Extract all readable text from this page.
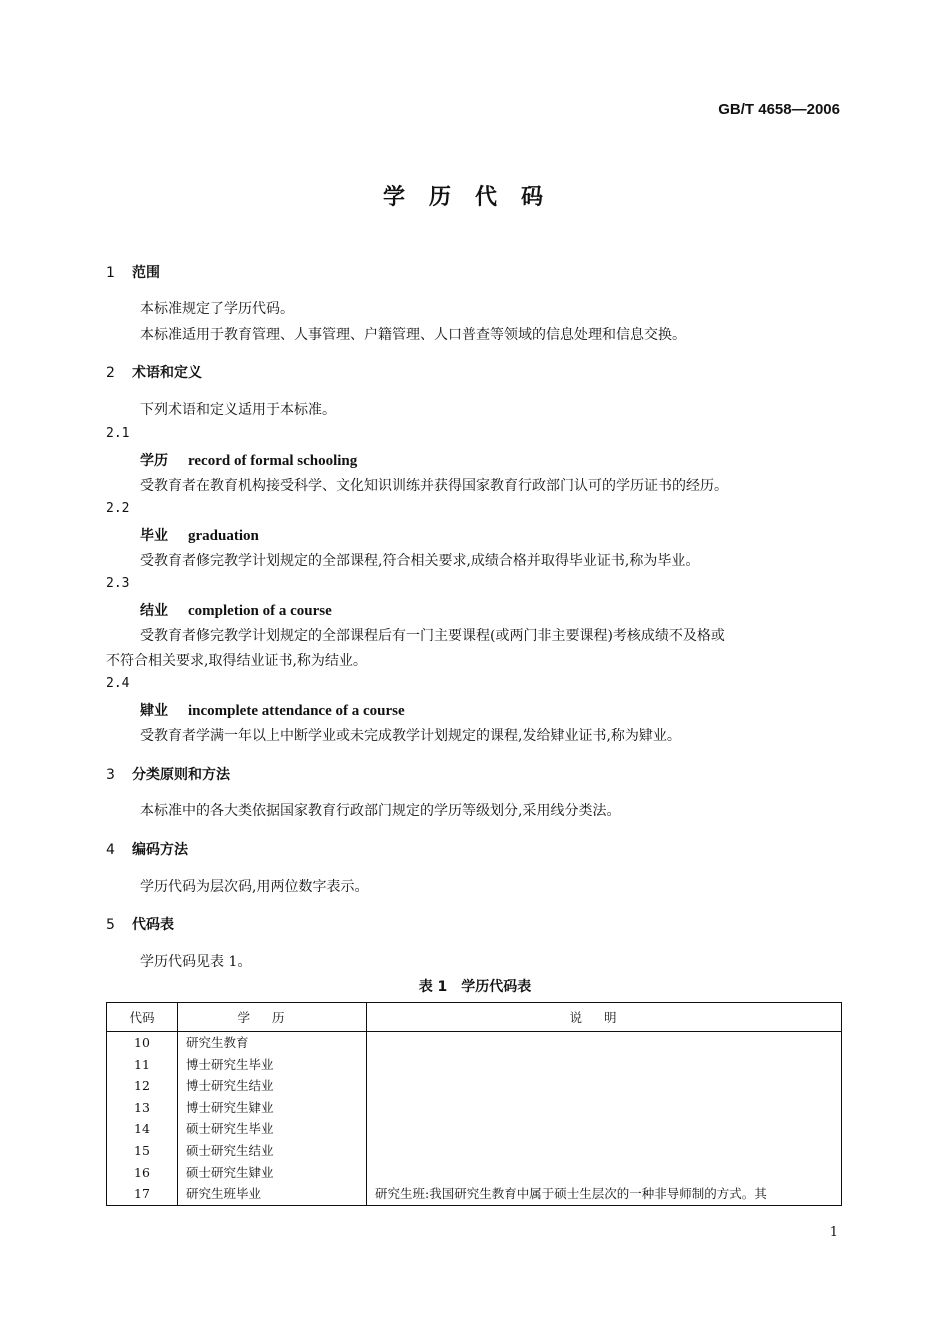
GB/T 4658—2006
学历代码
1 范围
本标准规定了学历代码。
本标准适用于教育管理、人事管理、户籍管理、人口普查等领域的信息处理和信息交换。
2 术语和定义
下列术语和定义适用于本标准。
2.1
学历 record of formal schooling
受教育者在教育机构接受科学、文化知识训练并获得国家教育行政部门认可的学历证书的经历。
2.2
毕业 graduation
受教育者修完教学计划规定的全部课程,符合相关要求,成绩合格并取得毕业证书,称为毕业。
2.3
结业 completion of a course
受教育者修完教学计划规定的全部课程后有一门主要课程(或两门非主要课程)考核成绩不及格或
不符合相关要求,取得结业证书,称为结业。
2.4
肄业 incomplete attendance of a course
受教育者学满一年以上中断学业或未完成教学计划规定的课程,发给肄业证书,称为肄业。
3 分类原则和方法
本标准中的各大类依据国家教育行政部门规定的学历等级划分,采用线分类法。
4 编码方法
学历代码为层次码,用两位数字表示。
5 代码表
学历代码见表 1。
表 1　学历代码表
代码	学历	说明
10	研究生教育	
11	博士研究生毕业	
12	博士研究生结业	
13	博士研究生肄业	
14	硕士研究生毕业	
15	硕士研究生结业	
16	硕士研究生肄业	
17	研究生班毕业	研究生班:我国研究生教育中属于硕士生层次的一种非导师制的方式。其
1
